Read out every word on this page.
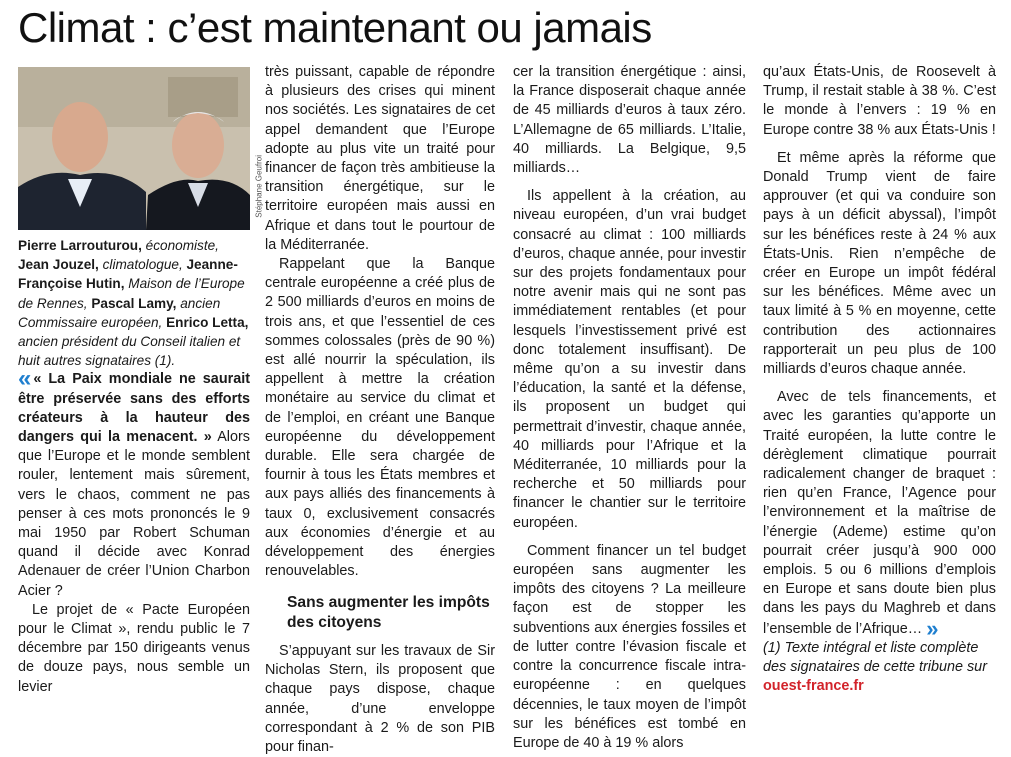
Climat : c’est maintenant ou jamais
Stéphane Geufroi
Pierre Larrouturou, économiste, Jean Jouzel, climatologue, Jeanne-Françoise Hutin, Maison de l’Europe de Rennes, Pascal Lamy, ancien Commissaire européen, Enrico Letta, ancien président du Conseil italien et huit autres signataires (1).

« « La Paix mondiale ne saurait être préservée sans des efforts créateurs à la hauteur des dangers qui la menacent. » Alors que l’Europe et le monde semblent rouler, lentement mais sûrement, vers le chaos, comment ne pas penser à ces mots prononcés le 9 mai 1950 par Robert Schuman quand il décide avec Konrad Adenauer de créer l’Union Charbon Acier ?

Le projet de « Pacte Européen pour le Climat », rendu public le 7 décembre par 150 dirigeants venus de douze pays, nous semble un levier

très puissant, capable de répondre à plusieurs des crises qui minent nos sociétés. Les signataires de cet appel demandent que l’Europe adopte au plus vite un traité pour financer de façon très ambitieuse la transition énergétique, sur le territoire européen mais aussi en Afrique et dans tout le pourtour de la Méditerranée.

Rappelant que la Banque centrale européenne a créé plus de 2 500 milliards d’euros en moins de trois ans, et que l’essentiel de ces sommes colossales (près de 90 %) est allé nourrir la spéculation, ils appellent à mettre la création monétaire au service du climat et de l’emploi, en créant une Banque européenne du développement durable. Elle sera chargée de fournir à tous les États membres et aux pays alliés des financements à taux 0, exclusivement consacrés aux économies d’énergie et au développement des énergies renouvelables.

Sans augmenter les impôts des citoyens

S’appuyant sur les travaux de Sir Nicholas Stern, ils proposent que chaque pays dispose, chaque année, d’une enveloppe correspondant à 2 % de son PIB pour finan-

cer la transition énergétique : ainsi, la France disposerait chaque année de 45 milliards d’euros à taux zéro. L’Allemagne de 65 milliards. L’Italie, 40 milliards. La Belgique, 9,5 milliards…

Ils appellent à la création, au niveau européen, d’un vrai budget consacré au climat : 100 milliards d’euros, chaque année, pour investir sur des projets fondamentaux pour notre avenir mais qui ne sont pas immédiatement rentables (et pour lesquels l’investissement privé est donc totalement insuffisant). De même qu’on a su investir dans l’éducation, la santé et la défense, ils proposent un budget qui permettrait d’investir, chaque année, 40 milliards pour l’Afrique et la Méditerranée, 10 milliards pour la recherche et 50 milliards pour financer le chantier sur le territoire européen.

Comment financer un tel budget européen sans augmenter les impôts des citoyens ? La meilleure façon est de stopper les subventions aux énergies fossiles et de lutter contre l’évasion fiscale et contre la concurrence fiscale intra-européenne : en quelques décennies, le taux moyen de l’impôt sur les bénéfices est tombé en Europe de 40 à 19 % alors

qu’aux États-Unis, de Roosevelt à Trump, il restait stable à 38 %. C’est le monde à l’envers : 19 % en Europe contre 38 % aux États-Unis !

Et même après la réforme que Donald Trump vient de faire approuver (et qui va conduire son pays à un déficit abyssal), l’impôt sur les bénéfices reste à 24 % aux États-Unis. Rien n’empêche de créer en Europe un impôt fédéral sur les bénéfices. Même avec un taux limité à 5 % en moyenne, cette contribution des actionnaires rapporterait un peu plus de 100 milliards d’euros chaque année.

Avec de tels financements, et avec les garanties qu’apporte un Traité européen, la lutte contre le dérèglement climatique pourrait radicalement changer de braquet : rien qu’en France, l’Agence pour l’environnement et la maîtrise de l’énergie (Ademe) estime qu’on pourrait créer jusqu’à 900 000 emplois. 5 ou 6 millions d’emplois en Europe et sans doute bien plus dans les pays du Maghreb et dans l’ensemble de l’Afrique… »

(1) Texte intégral et liste complète des signataires de cette tribune sur ouest-france.fr
